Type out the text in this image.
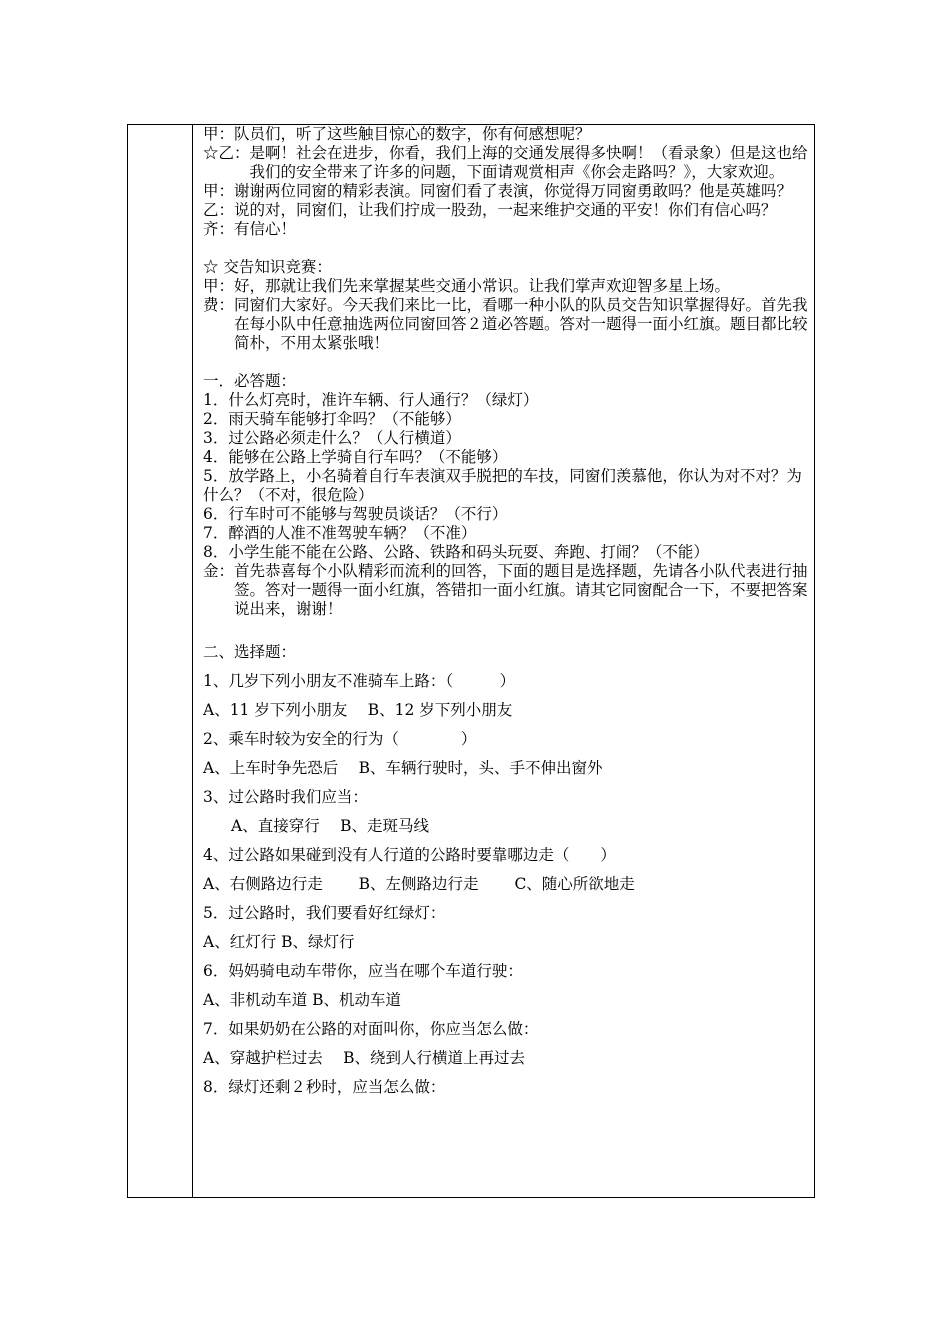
甲： 队员们，听了这些触目惊心的数字，你有何感想呢？
☆乙： 是啊！社会在进步，你看，我们上海的交通发展得多快啊！（看录象）但是这也给我们的安全带来了许多的问题，下面请观赏相声《你会走路吗？》，大家欢迎。
甲： 谢谢两位同窗的精彩表演。同窗们看了表演，你觉得万同窗勇敢吗？他是英雄吗？
乙： 说的对，同窗们，让我们拧成一股劲，一起来维护交通的平安！你们有信心吗？
齐： 有信心！
☆ 交告知识竞赛：
甲： 好，那就让我们先来掌握某些交通小常识。让我们掌声欢迎智多星上场。
费： 同窗们大家好。今天我们来比一比，看哪一种小队的队员交告知识掌握得好。首先我在每小队中任意抽选两位同窗回答２道必答题。答对一题得一面小红旗。题目都比较简朴，不用太紧张哦！
一．必答题：
1．什么灯亮时，准许车辆、行人通行？（绿灯）
2．雨天骑车能够打伞吗？（不能够）
3．过公路必须走什么？（人行横道）
4．能够在公路上学骑自行车吗？（不能够）
5．放学路上，小名骑着自行车表演双手脱把的车技，同窗们羡慕他，你认为对不对？为什么？（不对，很危险）
6．行车时可不能够与驾驶员谈话？（不行）
7．醉酒的人准不准驾驶车辆？（不准）
8．小学生能不能在公路、公路、铁路和码头玩耍、奔跑、打闹？（不能）
金： 首先恭喜每个小队精彩而流利的回答，下面的题目是选择题，先请各小队代表进行抽签。答对一题得一面小红旗，答错扣一面小红旗。请其它同窗配合一下，不要把答案 说出来，谢谢！
二、选择题：
1、几岁下列小朋友不准骑车上路：（　　　）
A、11 岁下列小朋友　 B、12 岁下列小朋友
2、乘车时较为安全的行为（　　　　）
A、上车时争先恐后　 B、车辆行驶时，头、手不伸出窗外
3、过公路时我们应当：
A、直接穿行　 B、走斑马线
4、过公路如果碰到没有人行道的公路时要靠哪边走（　　）
A、右侧路边行走　　 B、左侧路边行走　　 C、随心所欲地走
5．过公路时，我们要看好红绿灯：
A、红灯行 B、绿灯行
6．妈妈骑电动车带你，应当在哪个车道行驶：
A、非机动车道 B、机动车道
7．如果奶奶在公路的对面叫你，你应当怎么做：
A、穿越护栏过去　 B、绕到人行横道上再过去
8．绿灯还剩２秒时，应当怎么做：
